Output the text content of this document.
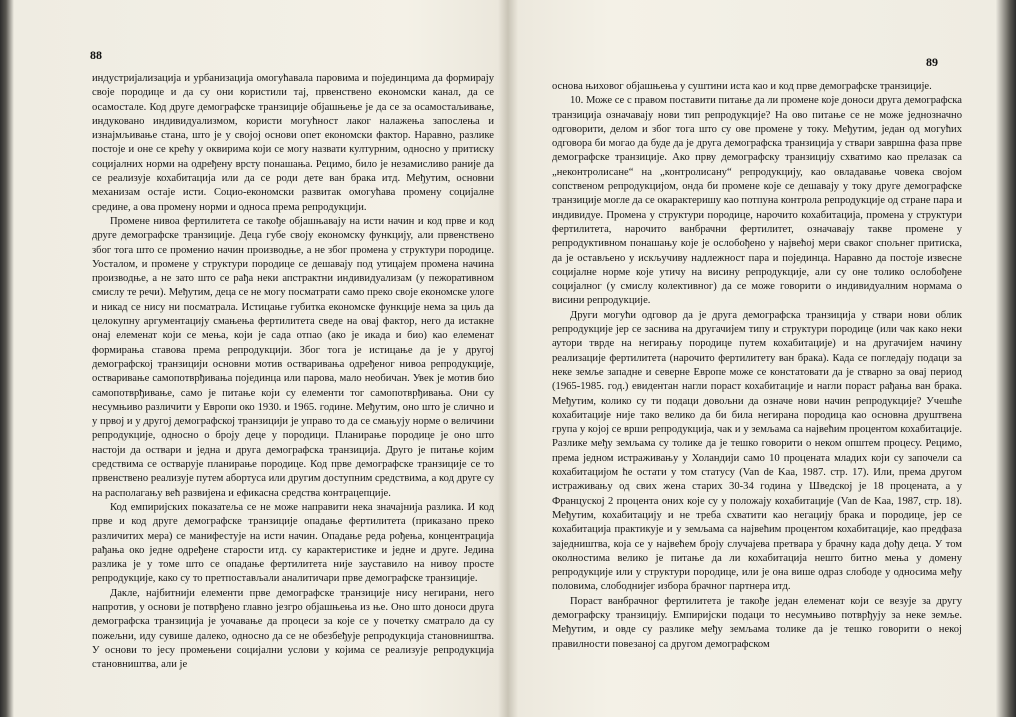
88

индустријализација и урбанизација омогућавала паровима и појединцима да формирају своје породице и да су они користили тај, првенствено економски канал, да се осамостале. Код друге демографске транзиције објашњење је да се за осамостаљивање, индуковано индивидуализмом, користи могућност лаког налажења запослења и изнајмљивање стана, што је у својој основи опет економски фактор. Наравно, разлике постоје и оне се крећу у оквирима који се могу назвати културним, односно у притиску социјалних норми на одређену врсту понашања. Рецимо, било је незамисливо раније да се реализује кохабитација или да се роди дете ван брака итд. Међутим, основни механизам остаје исти. Социо-економски развитак омогућава промену социјалне средине, а ова промену норми и односа према репродукцији.

Промене нивоа фертилитета се такође објашњавају на исти начин и код прве и код друге демографске транзиције. Деца губе своју економску функцију, али првенствено због тога што се променио начин производње, а не због промена у структури породице. Уосталом, и промене у структури породице се дешавају под утицајем промена начина производње, а не зато што се рађа неки апстрактни индивидуализам (у пежоративном смислу те речи). Међутим, деца се не могу посматрати само преко своје економске улоге и никад се нису ни посматрала. Истицање губитка економске функције нема за циљ да целокупну аргументацију смањења фертилитета сведе на овај фактор, него да истакне онај елеменат који се мења, који је сада отпао (ако је икада и био) као елеменат формирања ставова према репродукцији. Због тога је истицање да је у другој демографској транзицији основни мотив остваривања одређеног нивоа репродукције, остваривање самопотврђивања појединца или парова, мало необичан. Увек је мотив био самопотврђивање, само је питање који су елементи тог самопотврђивања. Они су несумњиво различити у Европи око 1930. и 1965. године. Међутим, оно што је слично и у првој и у другој демографској транзицији је управо то да се смањују норме о величини репродукције, односно о броју деце у породици. Планирање породице је оно што настоји да оствари и једна и друга демографска транзиција. Друго је питање којим средствима се остварује планирање породице. Код прве демографске транзиције се то првенствено реализује путем абортуса или другим доступним средствима, а код друге су на располагању већ развијена и ефикасна средства контрацепције.

Код емпиријских показатеља се не може направити нека значајнија разлика. И код прве и код друге демографске транзиције опадање фертилитета (приказано преко различитих мера) се манифестује на исти начин. Опадање реда рођења, концентрација рађања око једне одређене старости итд. су карактеристике и једне и друге. Једина разлика је у томе што се опадање фертилитета није зауставило на нивоу просте репродукције, како су то претпостављали аналитичари прве демографске транзиције.

Дакле, најбитнији елементи прве демографске транзиције нису негирани, него напротив, у основи је потврђено главно језгро објашњења из ње. Оно што доноси друга демографска транзиција је уочавање да процеси за које се у почетку сматрало да су пожељни, иду сувише далеко, односно да се не обезбеђује репродукција становништва. У основи то јесу промењени социјални услови у којима се реализује репродукција становништва, али је

89

основа њиховог објашњења у суштини иста као и код прве демографске транзиције.

10. Може се с правом поставити питање да ли промене које доноси друга демографска транзиција означавају нови тип репродукције? На ово питање се не може једнозначно одговорити, делом и због тога што су ове промене у току. Међутим, један од могућих одговора би могао да буде да је друга демографска транзиција у ствари завршна фаза прве демографске транзиције. Ако прву демографску транзицију схватимо као прелазак са „неконтролисане“ на „контролисану“ репродукцију, као овладавање човека својом сопственом репродукцијом, онда би промене које се дешавају у току друге демографске транзиције могле да се окарактеришу као потпуна контрола репродукције од стране пара и индивидуе. Промена у структури породице, нарочито кохабитација, промена у структури фертилитета, нарочито ванбрачни фертилитет, означавају такве промене у репродуктивном понашању које је ослобођено у највећој мери сваког спољнег притиска, да је остављено у искључиву надлежност пара и појединца. Наравно да постоје извесне социјалне норме које утичу на висину репродукције, али су оне толико ослобођене социјалног (у смислу колективног) да се може говорити о индивидуалним нормама о висини репродукције.

Други могући одговор да је друга демографска транзиција у ствари нови облик репродукције јер се заснива на другачијем типу и структури породице (или чак како неки аутори тврде на негирању породице путем кохабитације) и на другачијем начину реализације фертилитета (нарочито фертилитету ван брака). Када се погледају подаци за неке земље западне и северне Европе може се констатовати да је стварно за овај период (1965-1985. год.) евидентан нагли пораст кохабитације и нагли пораст рађања ван брака. Међутим, колико су ти подаци довољни да означе нови начин репродукције? Учешће кохабитације није тако велико да би била негирана породица као основна друштвена група у којој се врши репродукција, чак и у земљама са највећим процентом кохабитације. Разлике међу земљама су толике да је тешко говорити о неком општем процесу. Рецимо, према једном истраживању у Холандији само 10 процената младих који су започели са кохабитацијом ће остати у том статусу (Van de Kaa, 1987. стр. 17). Или, према другом истраживању од свих жена старих 30-34 година у Шведској је 18 процената, а у Француској 2 процента оних које су у положају кохабитације (Van de Kaa, 1987, стр. 18). Међутим, кохабитацију и не треба схватити као негацију брака и породице, јер се кохабитација практикује и у земљама са највећим процентом кохабитације, као предфаза заједништва, која се у највећем броју случајева претвара у брачну када дођу деца. У том околностима велико је питање да ли кохабитација нешто битно мења у домену репродукције или у структури породице, или је она више одраз слободе у односима међу половима, слободнијег избора брачног партнера итд.

Пораст ванбрачног фертилитета је такође један елеменат који се везује за другу демографску транзицију. Емпиријски подаци то несумњиво потврђују за неке земље. Међутим, и овде су разлике међу земљама толике да је тешко говорити о некој правилности повезаној са другом демографском
